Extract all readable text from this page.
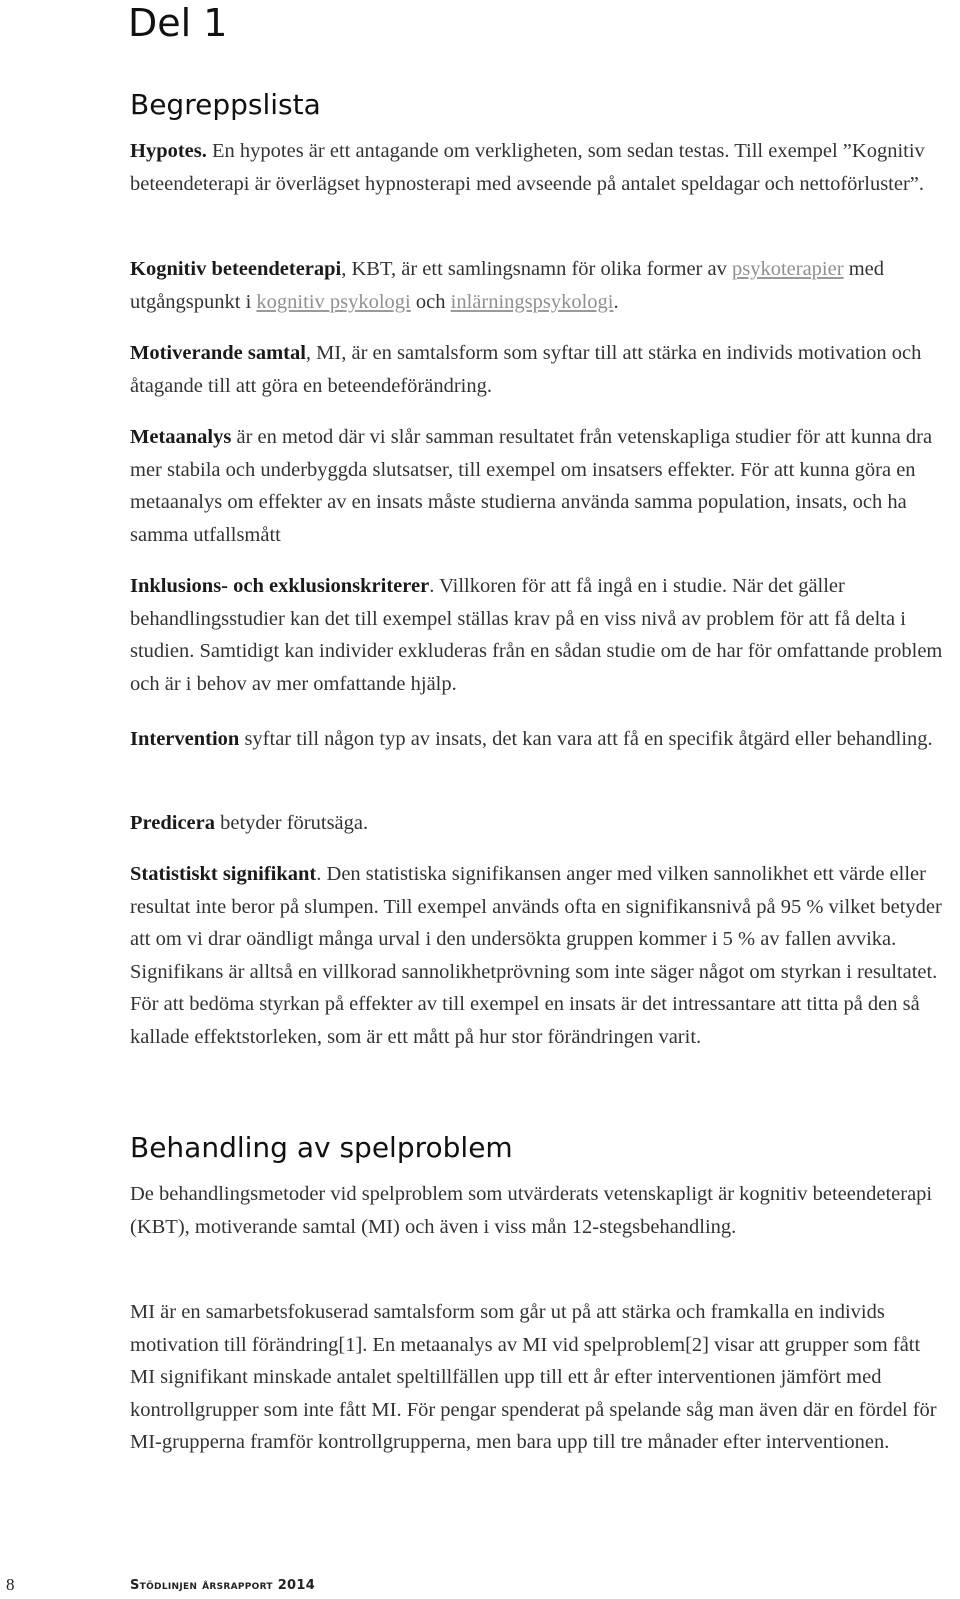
Del 1
Begreppslista

Hypotes. En hypotes är ett antagande om verkligheten, som sedan testas. Till exempel ”Kognitiv beteendeterapi är överlägset hypnosterapi med avseende på antalet speldagar och nettoförluster”.

Kognitiv beteendeterapi, KBT, är ett samlingsnamn för olika former av psykoterapier med utgångspunkt i kognitiv psykologi och inlärningspsykologi.

Motiverande samtal, MI, är en samtalsform som syftar till att stärka en individs motivation och åtagande till att göra en beteendeförändring.

Metaanalys är en metod där vi slår samman resultatet från vetenskapliga studier för att kunna dra mer stabila och underbyggda slutsatser, till exempel om insatsers effekter. För att kunna göra en metaanalys om effekter av en insats måste studierna använda samma population, insats, och ha samma utfallsmått

Inklusions- och exklusionskriterer. Villkoren för att få ingå en i studie. När det gäller behandlingsstudier kan det till exempel ställas krav på en viss nivå av problem för att få delta i studien. Samtidigt kan individer exkluderas från en sådan studie om de har för omfattande problem och är i behov av mer omfattande hjälp.

Intervention syftar till någon typ av insats, det kan vara att få en specifik åtgärd eller behandling.

Predicera betyder förutsäga.

Statistiskt signifikant. Den statistiska signifikansen anger med vilken sannolikhet ett värde eller resultat inte beror på slumpen. Till exempel används ofta en signifikansnivå på 95 % vilket betyder att om vi drar oändligt många urval i den undersökta gruppen kommer i 5 % av fallen avvika. Signifikans är alltså en villkorad sannolikhetprövning som inte säger något om styrkan i resultatet. För att bedöma styrkan på effekter av till exempel en insats är det intressantare att titta på den så kallade effektstorleken, som är ett mått på hur stor förändringen varit.

Behandling av spelproblem

De behandlingsmetoder vid spelproblem som utvärderats vetenskapligt är kognitiv beteendeterapi (KBT), motiverande samtal (MI) och även i viss mån 12-stegsbehandling.

MI är en samarbetsfokuserad samtalsform som går ut på att stärka och framkalla en individs motivation till förändring[1]. En metaanalys av MI vid spelproblem[2] visar att grupper som fått MI signifikant minskade antalet speltillfällen upp till ett år efter interventionen jämfört med kontrollgrupper som inte fått MI. För pengar spenderat på spelande såg man även där en fördel för MI-grupperna framför kontrollgrupperna, men bara upp till tre månader efter interventionen.

8	Stödlinjen årsrapport 2014
